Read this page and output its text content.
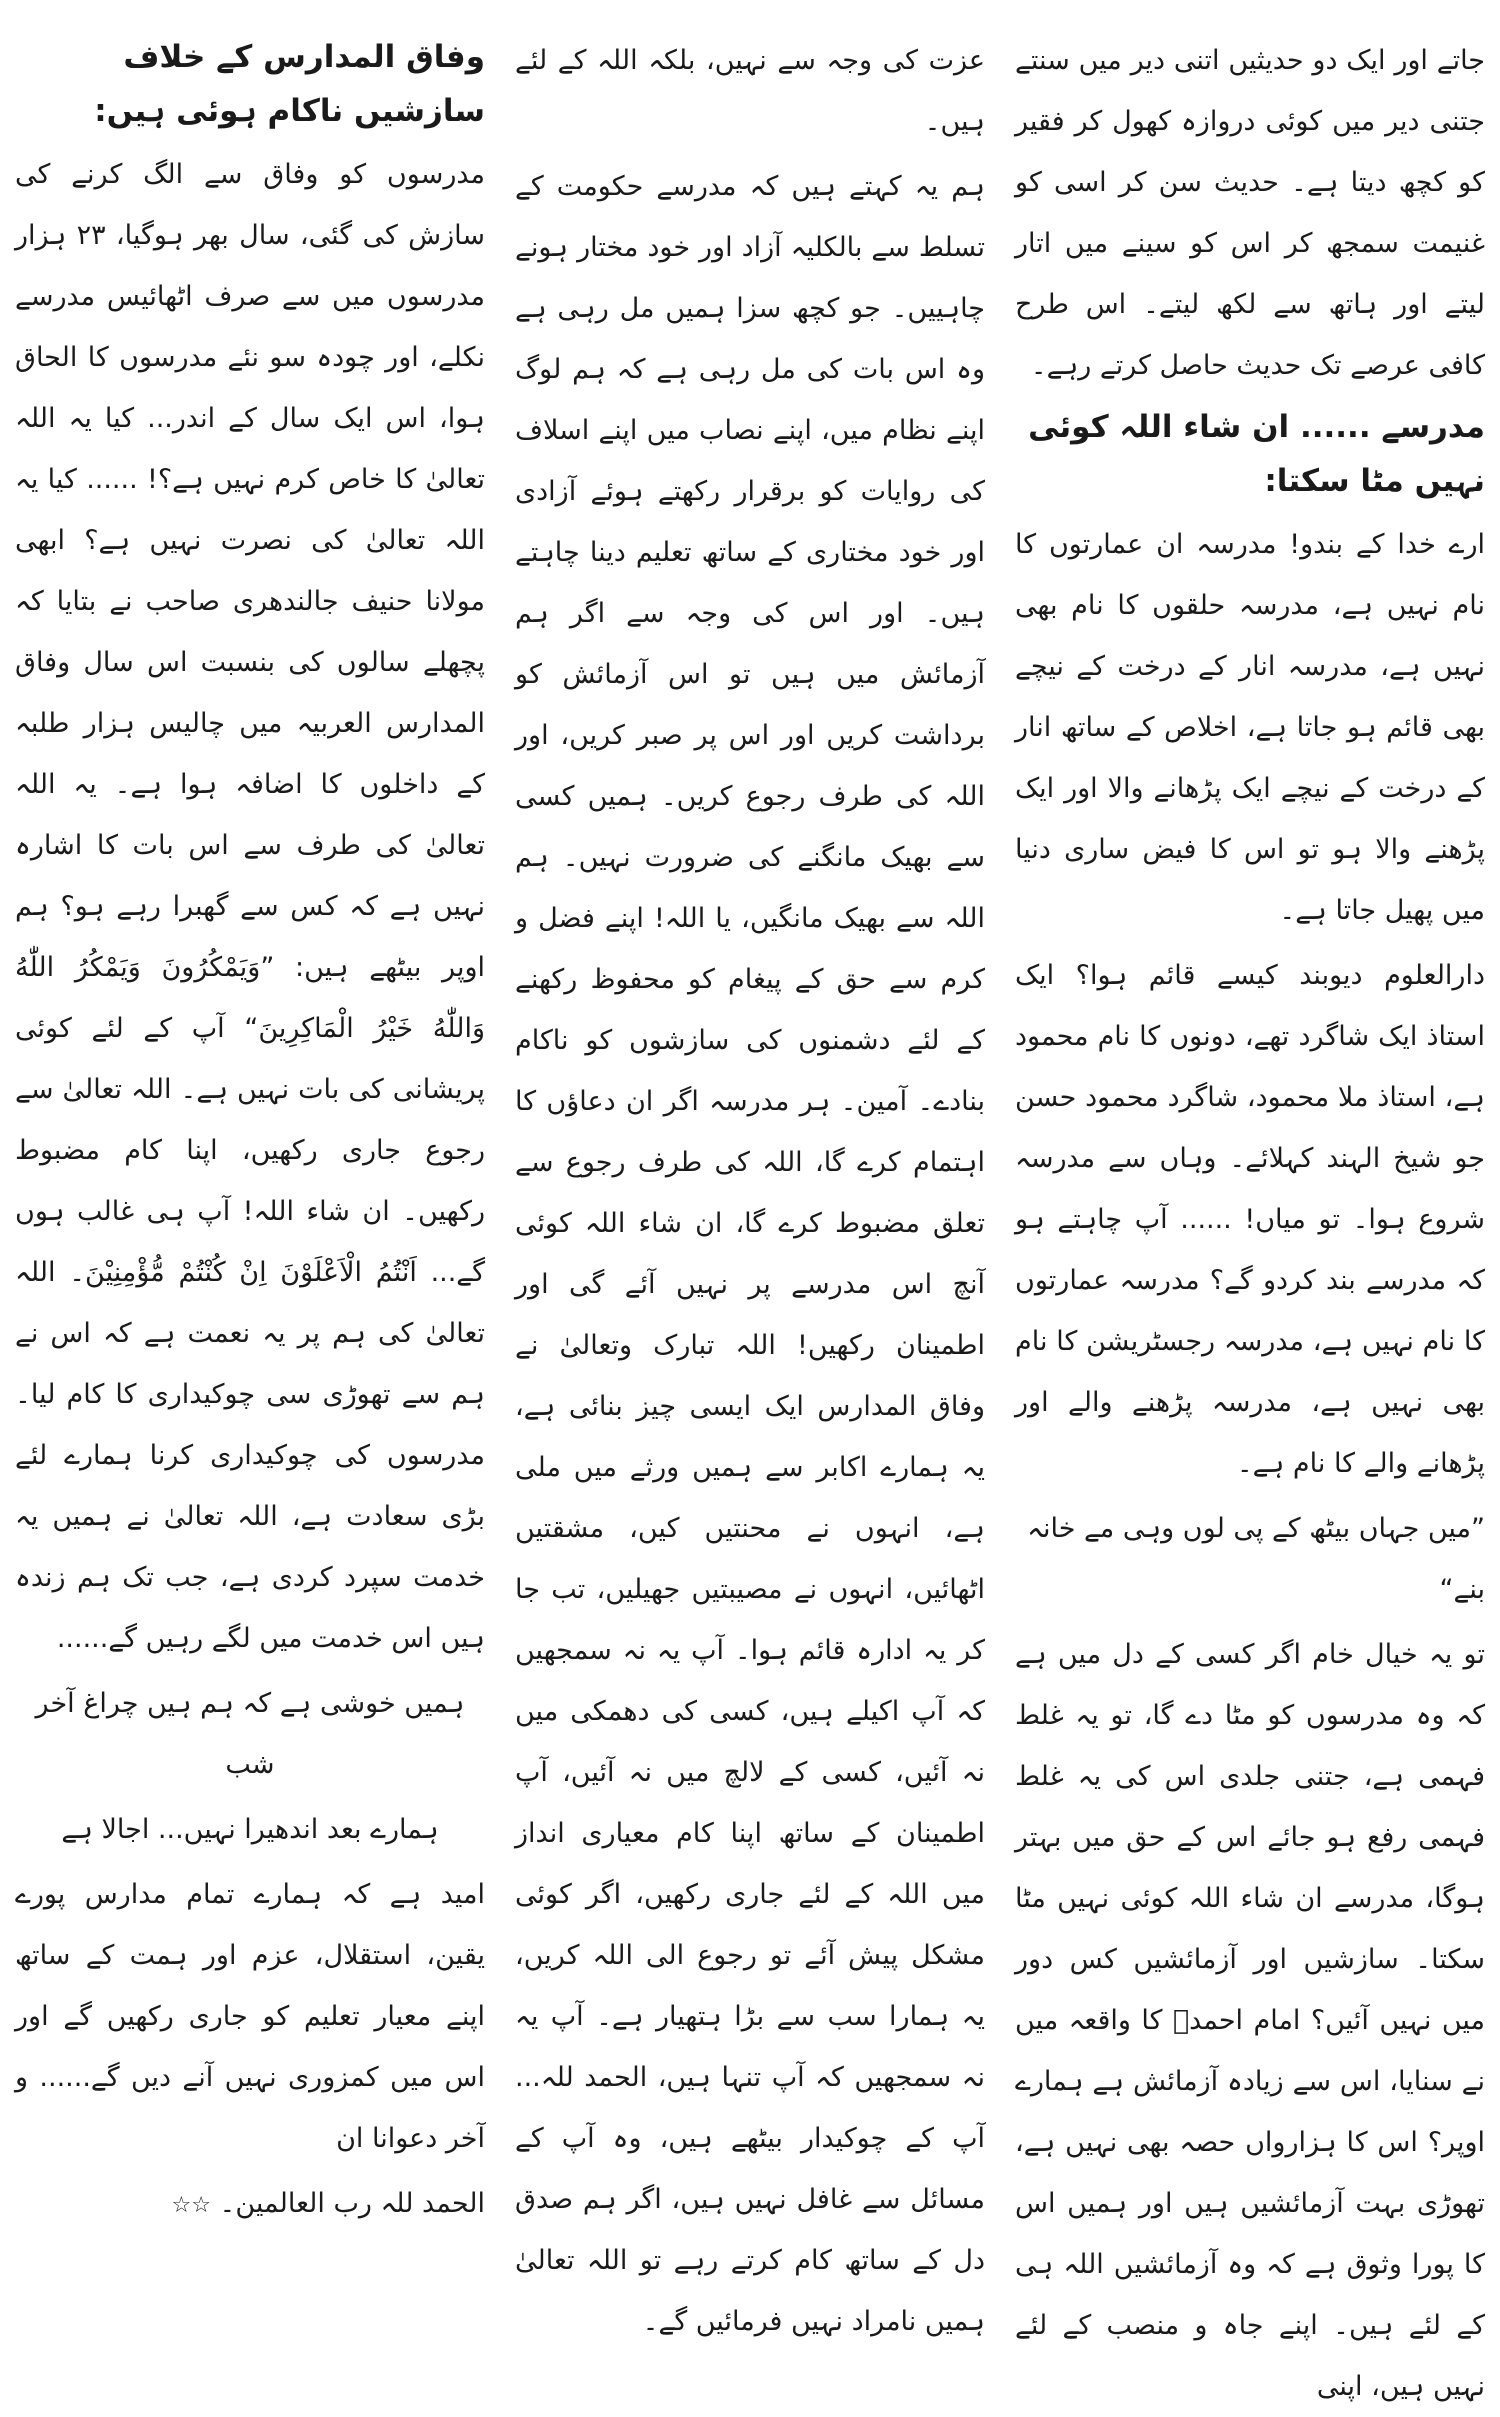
جاتے اور ایک دو حدیثیں اتنی دیر میں سنتے جتنی دیر میں کوئی دروازہ کھول کر فقیر کو کچھ دیتا ہے۔ حدیث سن کر اسی کو غنیمت سمجھ کر اس کو سینے میں اتار لیتے اور ہاتھ سے لکھ لیتے۔ اس طرح کافی عرصے تک حدیث حاصل کرتے رہے۔

مدرسے ...... ان شاء اللہ کوئی نہیں مٹا سکتا:

ارے خدا کے بندو! مدرسہ ان عمارتوں کا نام نہیں ہے، مدرسہ حلقوں کا نام بھی نہیں ہے، مدرسہ انار کے درخت کے نیچے بھی قائم ہو جاتا ہے، اخلاص کے ساتھ انار کے درخت کے نیچے ایک پڑھانے والا اور ایک پڑھنے والا ہو تو اس کا فیض ساری دنیا میں پھیل جاتا ہے۔

دارالعلوم دیوبند کیسے قائم ہوا؟ ایک استاذ ایک شاگرد تھے، دونوں کا نام محمود ہے، استاذ ملا محمود، شاگرد محمود حسن جو شیخ الہند کہلائے۔ وہاں سے مدرسہ شروع ہوا۔ تو میاں! ...... آپ چاہتے ہو کہ مدرسے بند کردو گے؟ مدرسہ عمارتوں کا نام نہیں ہے، مدرسہ رجسٹریشن کا نام بھی نہیں ہے، مدرسہ پڑھنے والے اور پڑھانے والے کا نام ہے۔

”میں جہاں بیٹھ کے پی لوں وہی مے خانہ بنے“

تو یہ خیال خام اگر کسی کے دل میں ہے کہ وہ مدرسوں کو مٹا دے گا، تو یہ غلط فہمی ہے، جتنی جلدی اس کی یہ غلط فہمی رفع ہو جائے اس کے حق میں بہتر ہوگا، مدرسے ان شاء اللہ کوئی نہیں مٹا سکتا۔ سازشیں اور آزمائشیں کس دور میں نہیں آئیں؟ امام احمدؒ کا واقعہ میں نے سنایا، اس سے زیادہ آزمائش ہے ہمارے اوپر؟ اس کا ہزارواں حصہ بھی نہیں ہے، تھوڑی بہت آزمائشیں ہیں اور ہمیں اس کا پورا وثوق ہے کہ وہ آزمائشیں اللہ ہی کے لئے ہیں۔ اپنے جاہ و منصب کے لئے نہیں ہیں، اپنی

عزت کی وجہ سے نہیں، بلکہ اللہ کے لئے ہیں۔

ہم یہ کہتے ہیں کہ مدرسے حکومت کے تسلط سے بالکلیہ آزاد اور خود مختار ہونے چاہییں۔ جو کچھ سزا ہمیں مل رہی ہے وہ اس بات کی مل رہی ہے کہ ہم لوگ اپنے نظام میں، اپنے نصاب میں اپنے اسلاف کی روایات کو برقرار رکھتے ہوئے آزادی اور خود مختاری کے ساتھ تعلیم دینا چاہتے ہیں۔ اور اس کی وجہ سے اگر ہم آزمائش میں ہیں تو اس آزمائش کو برداشت کریں اور اس پر صبر کریں، اور اللہ کی طرف رجوع کریں۔ ہمیں کسی سے بھیک مانگنے کی ضرورت نہیں۔ ہم اللہ سے بھیک مانگیں، یا اللہ! اپنے فضل و کرم سے حق کے پیغام کو محفوظ رکھنے کے لئے دشمنوں کی سازشوں کو ناکام بنادے۔ آمین۔ ہر مدرسہ اگر ان دعاؤں کا اہتمام کرے گا، اللہ کی طرف رجوع سے تعلق مضبوط کرے گا، ان شاء اللہ کوئی آنچ اس مدرسے پر نہیں آئے گی اور اطمینان رکھیں! اللہ تبارک وتعالیٰ نے وفاق المدارس ایک ایسی چیز بنائی ہے، یہ ہمارے اکابر سے ہمیں ورثے میں ملی ہے، انہوں نے محنتیں کیں، مشقتیں اٹھائیں، انہوں نے مصیبتیں جھیلیں، تب جا کر یہ ادارہ قائم ہوا۔ آپ یہ نہ سمجھیں کہ آپ اکیلے ہیں، کسی کی دھمکی میں نہ آئیں، کسی کے لالچ میں نہ آئیں، آپ اطمینان کے ساتھ اپنا کام معیاری انداز میں اللہ کے لئے جاری رکھیں، اگر کوئی مشکل پیش آئے تو رجوع الی اللہ کریں، یہ ہمارا سب سے بڑا ہتھیار ہے۔ آپ یہ نہ سمجھیں کہ آپ تنہا ہیں، الحمد للہ... آپ کے چوکیدار بیٹھے ہیں، وہ آپ کے مسائل سے غافل نہیں ہیں، اگر ہم صدق دل کے ساتھ کام کرتے رہے تو اللہ تعالیٰ ہمیں نامراد نہیں فرمائیں گے۔

وفاق المدارس کے خلاف سازشیں ناکام ہوئی ہیں:

مدرسوں کو وفاق سے الگ کرنے کی سازش کی گئی، سال بھر ہوگیا، ۲۳ ہزار مدرسوں میں سے صرف اٹھائیس مدرسے نکلے، اور چودہ سو نئے مدرسوں کا الحاق ہوا، اس ایک سال کے اندر... کیا یہ اللہ تعالیٰ کا خاص کرم نہیں ہے؟! ...... کیا یہ اللہ تعالیٰ کی نصرت نہیں ہے؟ ابھی مولانا حنیف جالندھری صاحب نے بتایا کہ پچھلے سالوں کی بنسبت اس سال وفاق المدارس العربیہ میں چالیس ہزار طلبہ کے داخلوں کا اضافہ ہوا ہے۔ یہ اللہ تعالیٰ کی طرف سے اس بات کا اشارہ نہیں ہے کہ کس سے گھبرا رہے ہو؟ ہم اوپر بیٹھے ہیں: ”وَيَمْكُرُونَ وَيَمْكُرُ اللّٰهُ وَاللّٰهُ خَيْرُ الْمَاكِرِينَ“ آپ کے لئے کوئی پریشانی کی بات نہیں ہے۔ اللہ تعالیٰ سے رجوع جاری رکھیں، اپنا کام مضبوط رکھیں۔ ان شاء اللہ! آپ ہی غالب ہوں گے... اَنْتُمُ الْاَعْلَوْنَ اِنْ كُنْتُمْ مُّؤْمِنِيْنَ۔ اللہ تعالیٰ کی ہم پر یہ نعمت ہے کہ اس نے ہم سے تھوڑی سی چوکیداری کا کام لیا۔ مدرسوں کی چوکیداری کرنا ہمارے لئے بڑی سعادت ہے، اللہ تعالیٰ نے ہمیں یہ خدمت سپرد کردی ہے، جب تک ہم زندہ ہیں اس خدمت میں لگے رہیں گے......

ہمیں خوشی ہے کہ ہم ہیں چراغ آخر شب

ہمارے بعد اندھیرا نہیں... اجالا ہے

امید ہے کہ ہمارے تمام مدارس پورے یقین، استقلال، عزم اور ہمت کے ساتھ اپنے معیار تعلیم کو جاری رکھیں گے اور اس میں کمزوری نہیں آنے دیں گے...... و آخر دعوانا ان

الحمد للہ رب العالمین۔ ☆☆
